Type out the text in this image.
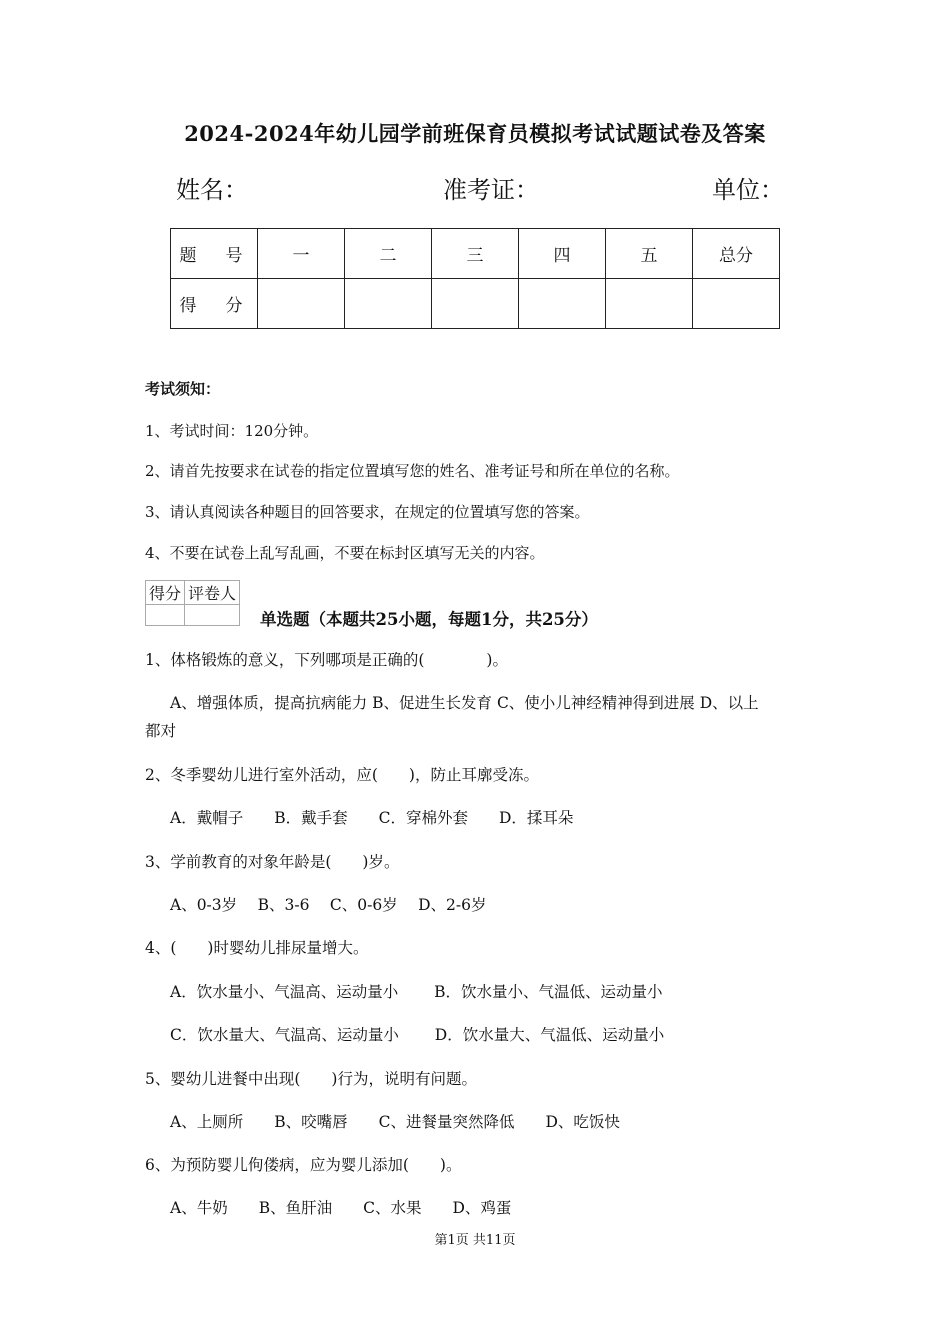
2024-2024年幼儿园学前班保育员模拟考试试题试卷及答案
姓名：	准考证：	单位：
题　号	一	二	三	四	五	总分
得　分						
考试须知：
1、考试时间：120分钟。
2、请首先按要求在试卷的指定位置填写您的姓名、准考证号和所在单位的名称。
3、请认真阅读各种题目的回答要求，在规定的位置填写您的答案。
4、不要在试卷上乱写乱画，不要在标封区填写无关的内容。
得分	评卷人

单选题（本题共25小题，每题1分，共25分）
1、体格锻炼的意义，下列哪项是正确的(　　　　)。
A、增强体质，提高抗病能力 B、促进生长发育 C、使小儿神经精神得到进展 D、以上
都对
2、冬季婴幼儿进行室外活动，应(　　)，防止耳廓受冻。
A．戴帽子　　B．戴手套　　C．穿棉外套　　D．揉耳朵
3、学前教育的对象年龄是(　　)岁。
A、0-3岁　 B、3-6　 C、0-6岁　 D、2-6岁
4、(　　)时婴幼儿排尿量增大。
A．饮水量小、气温高、运动量小　　 B．饮水量小、气温低、运动量小
C．饮水量大、气温高、运动量小　　 D．饮水量大、气温低、运动量小
5、婴幼儿进餐中出现(　　)行为，说明有问题。
A、上厕所　　B、咬嘴唇　　C、进餐量突然降低　　D、吃饭快
6、为预防婴儿佝偻病，应为婴儿添加(　　)。
A、牛奶　　B、鱼肝油　　C、水果　　D、鸡蛋
第1页 共11页
